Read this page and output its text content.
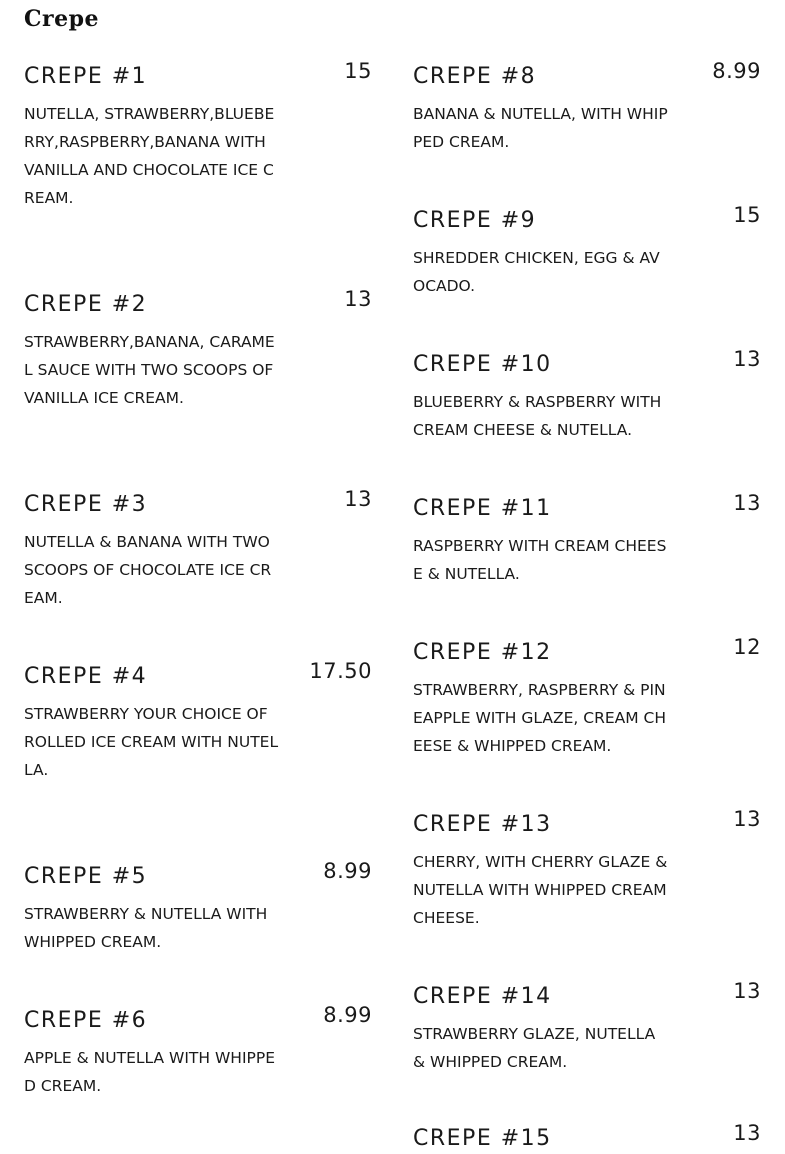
Crepe
CREPE #1	15
NUTELLA, STRAWBERRY,BLUEBERRY,RASPBERRY,BANANA WITH VANILLA AND CHOCOLATE ICE CREAM.
CREPE #2	13
STRAWBERRY,BANANA, CARAMEL SAUCE WITH TWO SCOOPS OF VANILLA ICE CREAM.
CREPE #3	13
NUTELLA & BANANA WITH TWO SCOOPS OF CHOCOLATE ICE CREAM.
CREPE #4	17.50
STRAWBERRY YOUR CHOICE OF ROLLED ICE CREAM WITH NUTELLA.
CREPE #5	8.99
STRAWBERRY & NUTELLA WITH WHIPPED CREAM.
CREPE #6	8.99
APPLE & NUTELLA WITH WHIPPED CREAM.
CREPE #8	8.99
BANANA & NUTELLA, WITH WHIPPED CREAM.
CREPE #9	15
SHREDDER CHICKEN, EGG & AVOCADO.
CREPE #10	13
BLUEBERRY & RASPBERRY WITH CREAM CHEESE & NUTELLA.
CREPE #11	13
RASPBERRY WITH CREAM CHEESE & NUTELLA.
CREPE #12	12
STRAWBERRY, RASPBERRY & PINEAPPLE WITH GLAZE, CREAM CHEESE & WHIPPED CREAM.
CREPE #13	13
CHERRY, WITH CHERRY GLAZE & NUTELLA WITH WHIPPED CREAM CHEESE.
CREPE #14	13
STRAWBERRY GLAZE, NUTELLA & WHIPPED CREAM.
CREPE #15	13
